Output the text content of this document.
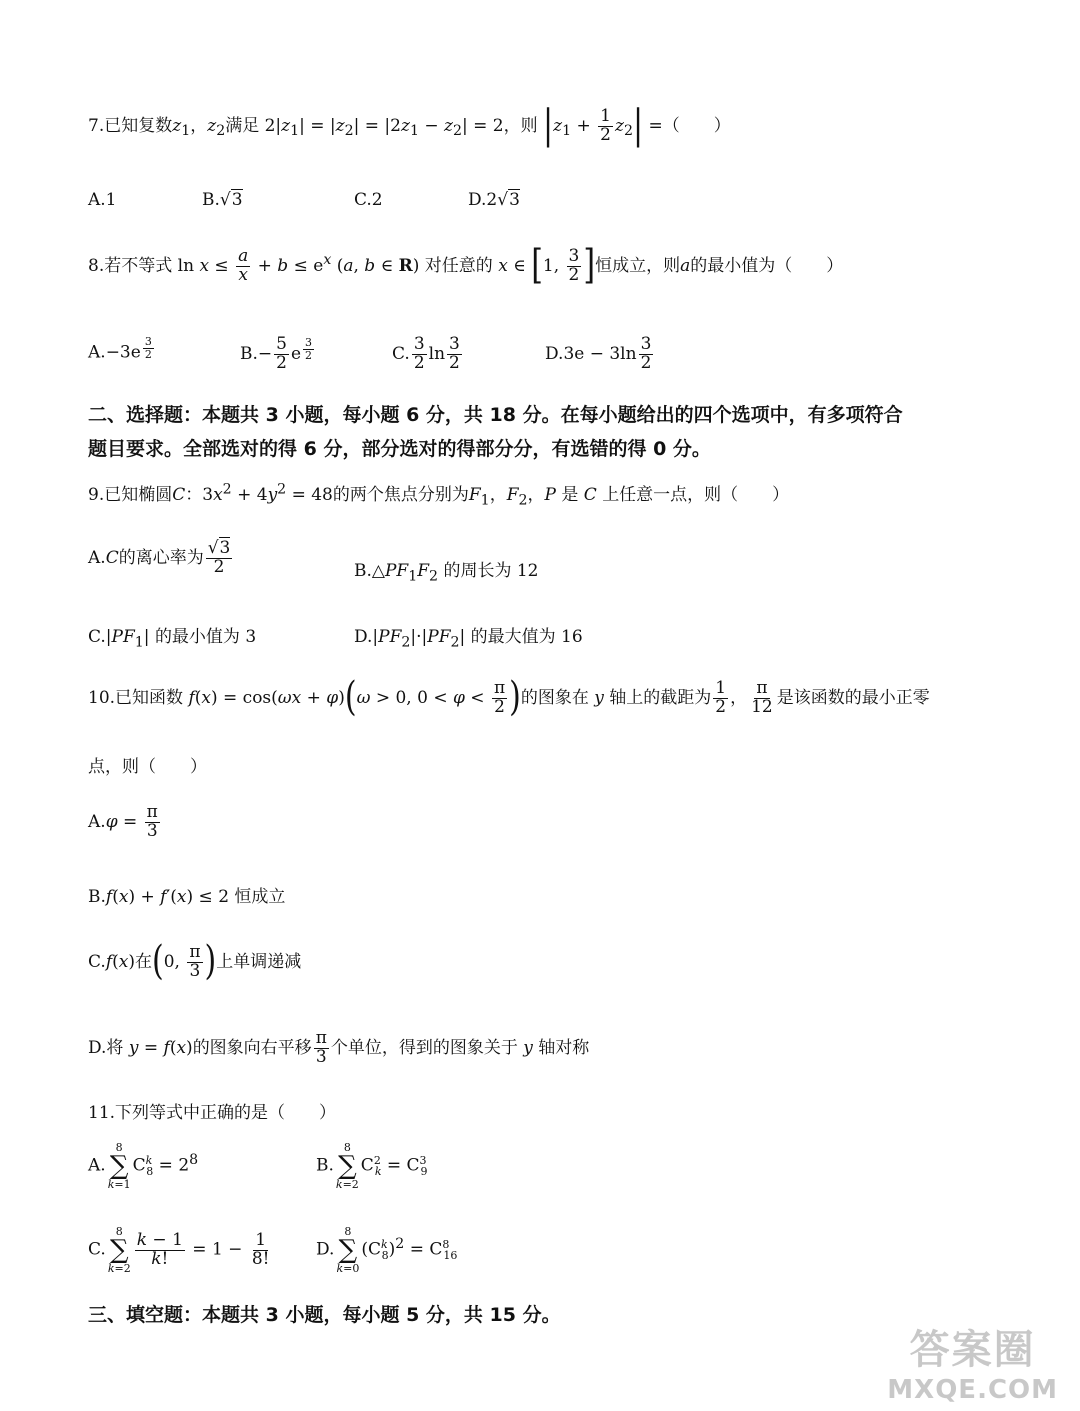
7.已知复数$z_1$，$z_2$满足 $2|z_1| = |z_2| = |2z_1 - z_2| = 2$，则 $|z_1 + \frac{1}{2} z_2|$ =（　　）
A.1	B.√3	C.2	D.2√3
8.若不等式 $\ln x \le \frac{a}{x} + b \le e^x$ (a, b ∈ R) 对任意的 x ∈ [1, $\frac{3}{2}$ ]恒成立，则a的最小值为（　　）
A.−3e $^{\frac{3}{2}}$	$B.- \frac{5}{2}$ e $^{\frac{3}{2}}$	C. $\frac{3}{2}$ $\ln \frac{3}{2}$	$D.3e - 3\ln \frac{3}{2}$
二、选择题：本题共 3 小题，每小题 6 分，共 18 分。在每小题给出的四个选项中，有多项符合
题目要求。全部选对的得 6 分，部分选对的得部分分，有选错的得 0 分。
9.已知椭圆C：$3x^2 + 4y^2 = 48$的两个焦点分别为$F_1$，$F_2$，P 是 C 上任意一点，则（　　）
A.C的离心率为 $\frac{√3}{2}$	$B.\triangle PF_1F_2$ 的周长为 12
$C.|PF_1|$ 的最小值为 3	$D.|PF_2|\cdot|PF_2|$ 的最大值为 16
10.已知函数 f(x) = cos(ωx + φ)(ω > 0, $0 < \varphi < \frac{\pi}{2}$ )的图象在 y 轴上的截距为 $\frac{1}{2}$ ， $\frac{\pi}{12}$ 是该函数的最小正零
点，则（　　）
$A.\varphi = \frac{\pi}{3}$
B.f(x) + f′(x) ≤ 2 恒成立
C.f(x)在(0, $\frac{\pi}{3}$ )上单调递减
D.将 y = f(x)的图象向右平移 $\frac{\pi}{3}$ 个单位，得到的图象关于 y 轴对称
11.下列等式中正确的是（　　）
A.
8
∑
k=1
$C^k_8 = 2^8$	B.
8
∑
k=2
$C^2_k = C^3_9$
C.
8
∑
k=2
$\frac{k - 1}{k!} = 1 - \frac{1}{8!}$	D.
8
∑
k=0
$(C^k_8)^2 = C^8_{16}$
三、填空题：本题共 3 小题，每小题 5 分，共 15 分。
答案圈
MXQE.COM
